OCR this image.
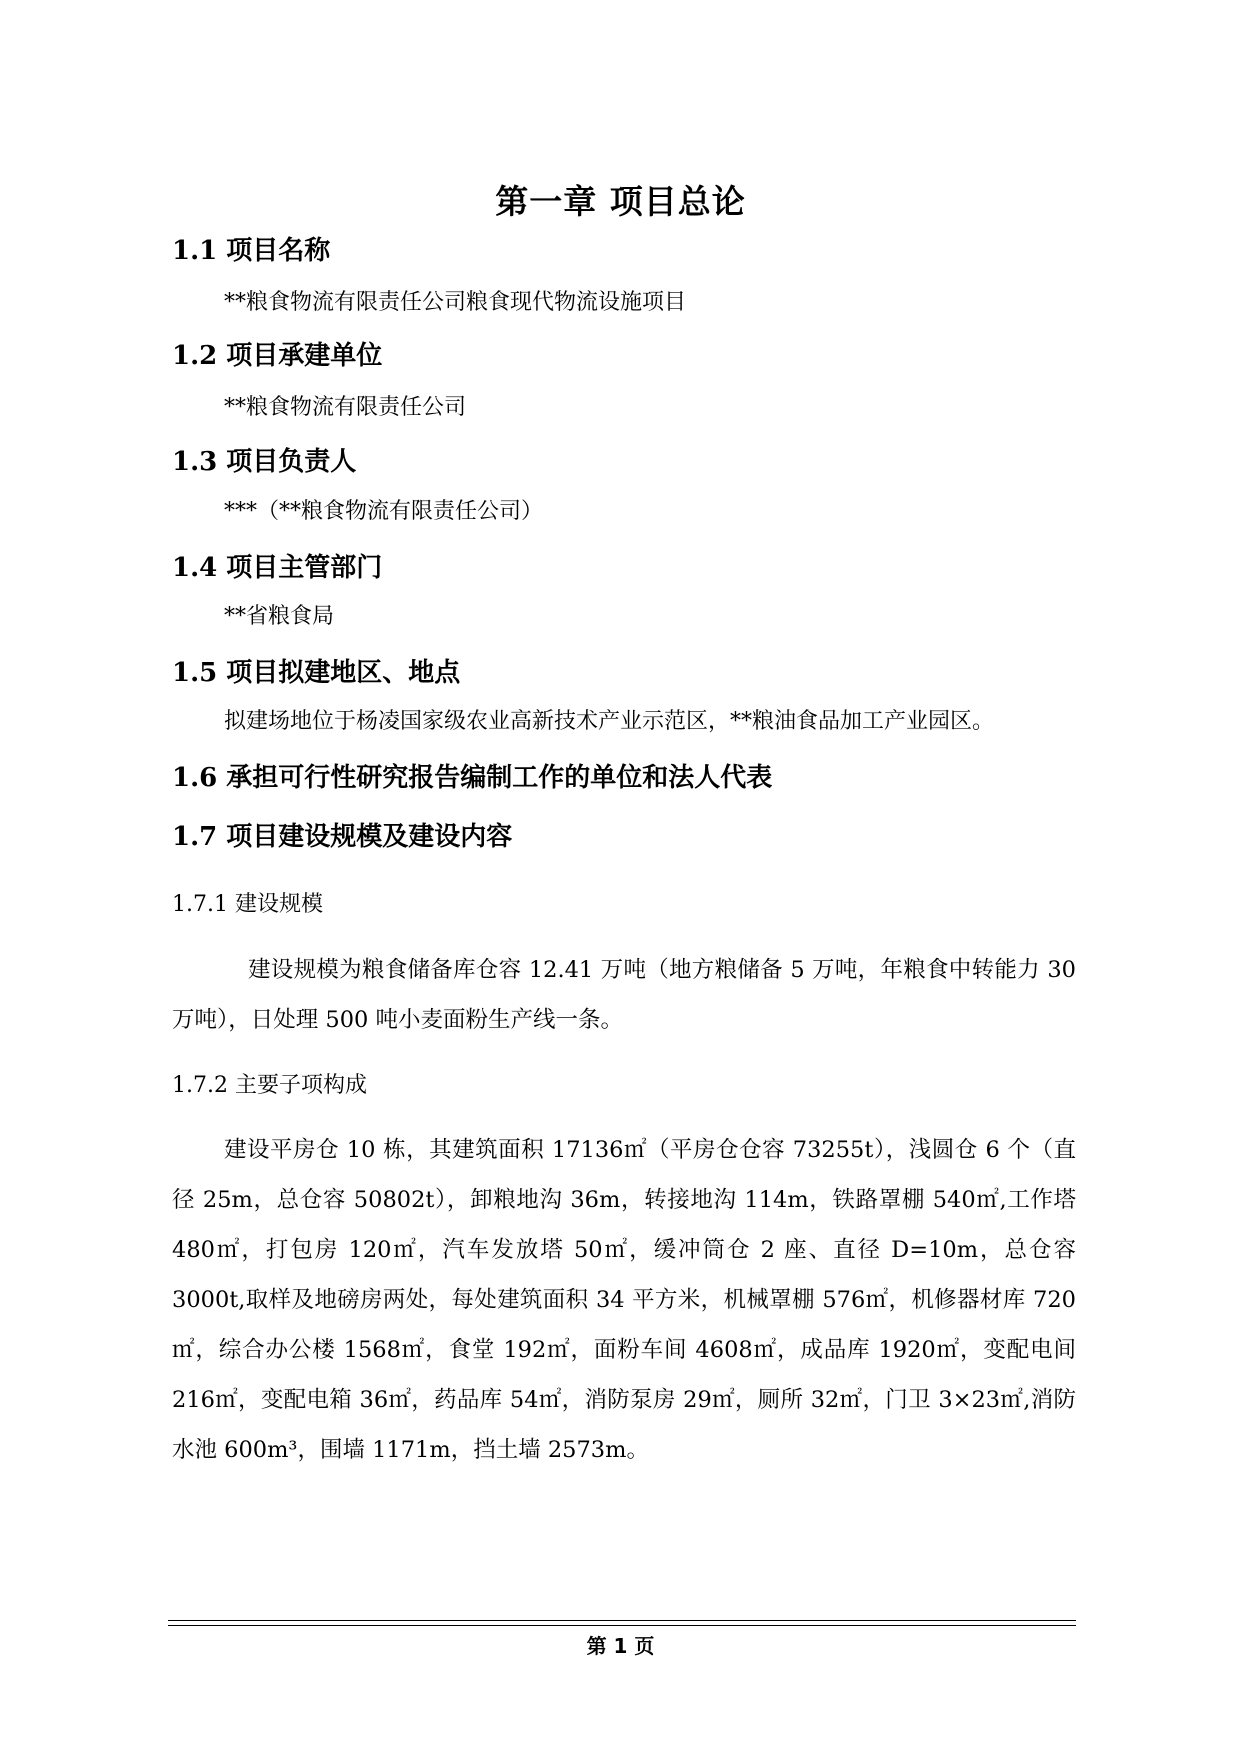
第一章 项目总论
1.1 项目名称
**粮食物流有限责任公司粮食现代物流设施项目
1.2 项目承建单位
**粮食物流有限责任公司
1.3 项目负责人
***（**粮食物流有限责任公司）
1.4 项目主管部门
**省粮食局
1.5 项目拟建地区、地点
拟建场地位于杨凌国家级农业高新技术产业示范区，**粮油食品加工产业园区。
1.6 承担可行性研究报告编制工作的单位和法人代表
1.7 项目建设规模及建设内容
1.7.1 建设规模
建设规模为粮食储备库仓容 12.41 万吨（地方粮储备 5 万吨，年粮食中转能力 30 万吨），日处理 500 吨小麦面粉生产线一条。
1.7.2 主要子项构成
建设平房仓 10 栋，其建筑面积 17136㎡（平房仓仓容 73255t），浅圆仓 6 个（直径 25m，总仓容 50802t），卸粮地沟 36m，转接地沟 114m，铁路罩棚 540㎡,工作塔 480㎡，打包房 120㎡，汽车发放塔 50㎡，缓冲筒仓 2 座、直径 D=10m，总仓容 3000t,取样及地磅房两处，每处建筑面积 34 平方米，机械罩棚 576㎡，机修器材库 720㎡，综合办公楼 1568㎡，食堂 192㎡，面粉车间 4608㎡，成品库 1920㎡，变配电间 216㎡，变配电箱 36㎡，药品库 54㎡，消防泵房 29㎡，厕所 32㎡，门卫 3×23㎡,消防水池 600m³，围墙 1171m，挡土墙 2573m。
第 1 页
